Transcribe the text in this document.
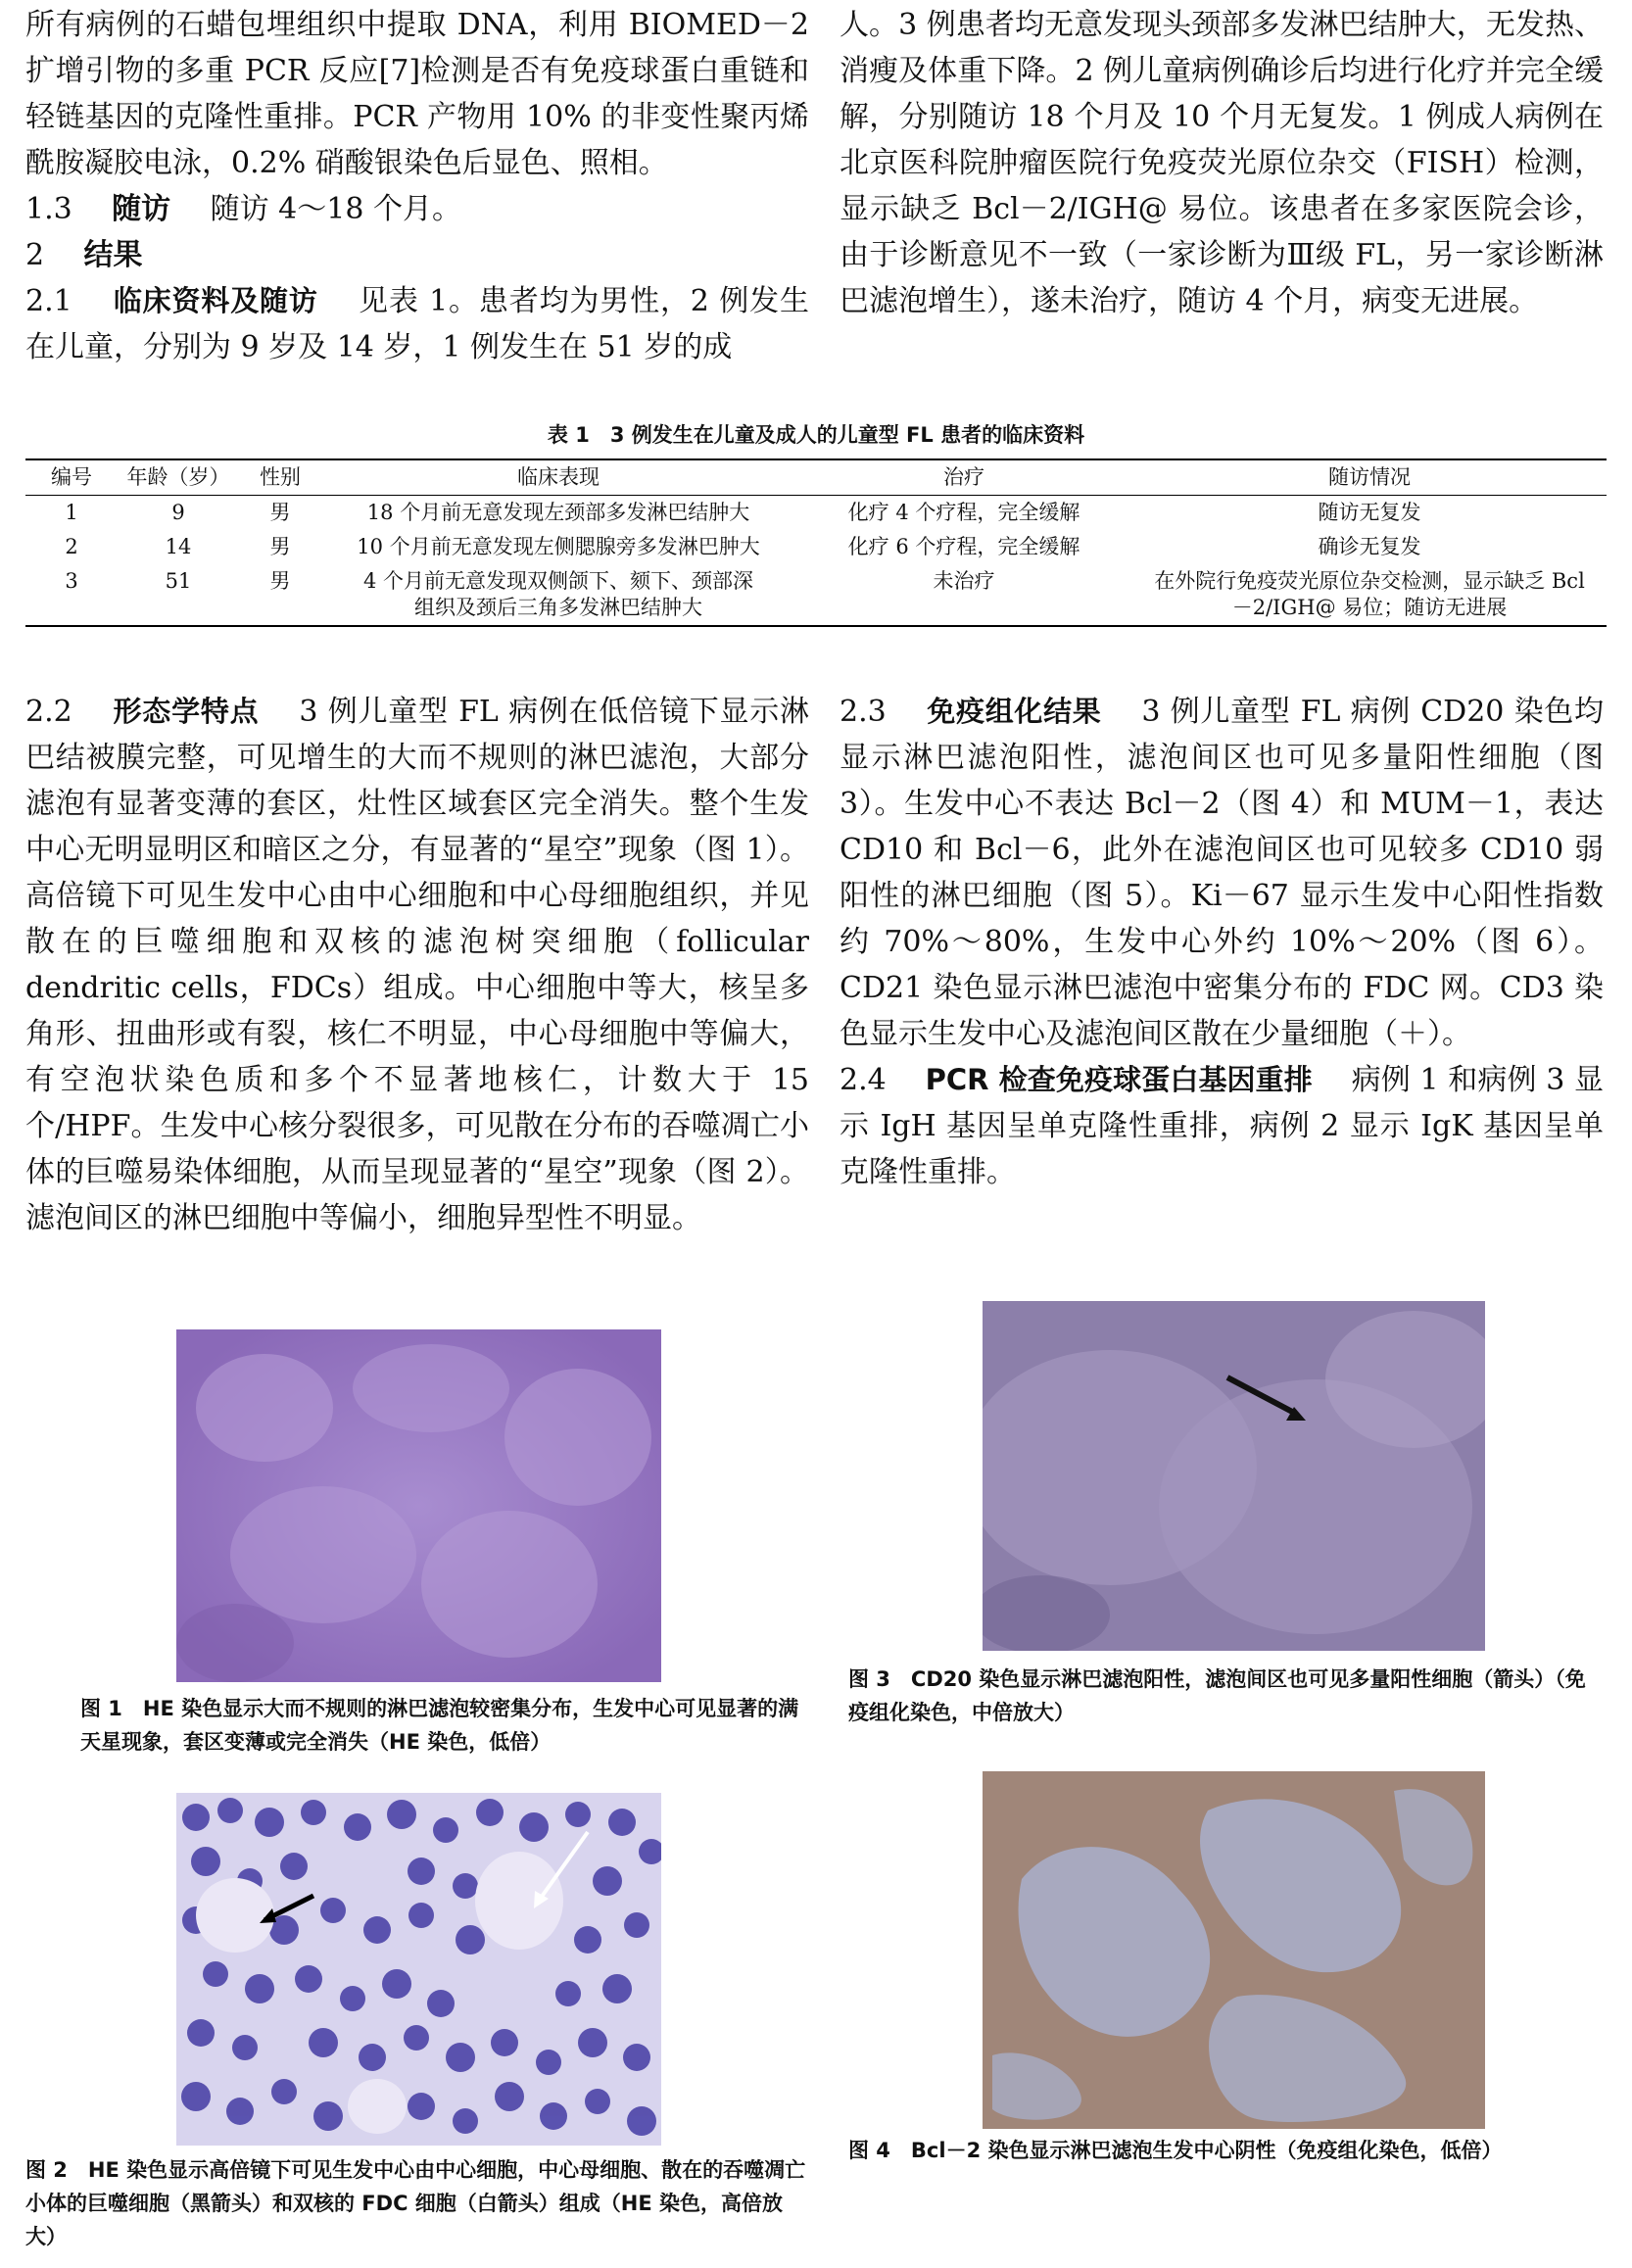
所有病例的石蜡包埋组织中提取 DNA，利用 BIOMED－2 扩增引物的多重 PCR 反应[7]检测是否有免疫球蛋白重链和轻链基因的克隆性重排。PCR 产物用 10% 的非变性聚丙烯酰胺凝胶电泳，0.2% 硝酸银染色后显色、照相。

1.3　 随访　 随访 4～18 个月。

2　 结果

2.1　 临床资料及随访　 见表 1。患者均为男性，2 例发生在儿童，分别为 9 岁及 14 岁，1 例发生在 51 岁的成

人。3 例患者均无意发现头颈部多发淋巴结肿大，无发热、消瘦及体重下降。2 例儿童病例确诊后均进行化疗并完全缓解，分别随访 18 个月及 10 个月无复发。1 例成人病例在北京医科院肿瘤医院行免疫荧光原位杂交（FISH）检测，显示缺乏 Bcl－2/IGH@ 易位。该患者在多家医院会诊，由于诊断意见不一致（一家诊断为Ⅲ级 FL，另一家诊断淋巴滤泡增生），遂未治疗，随访 4 个月，病变无进展。

表 1　3 例发生在儿童及成人的儿童型 FL 患者的临床资料
编号	年龄（岁）	性别	临床表现	治疗	随访情况
1	9	男	18 个月前无意发现左颈部多发淋巴结肿大	化疗 4 个疗程，完全缓解	随访无复发
2	14	男	10 个月前无意发现左侧腮腺旁多发淋巴肿大	化疗 6 个疗程，完全缓解	确诊无复发
3	51	男	4 个月前无意发现双侧颌下、颏下、颈部深组织及颈后三角多发淋巴结肿大	未治疗	在外院行免疫荧光原位杂交检测，显示缺乏 Bcl－2/IGH@ 易位；随访无进展

2.2　 形态学特点　 3 例儿童型 FL 病例在低倍镜下显示淋巴结被膜完整，可见增生的大而不规则的淋巴滤泡，大部分滤泡有显著变薄的套区，灶性区域套区完全消失。整个生发中心无明显明区和暗区之分，有显著的“星空”现象（图 1）。高倍镜下可见生发中心由中心细胞和中心母细胞组织，并见散在的巨噬细胞和双核的滤泡树突细胞（follicular dendritic cells，FDCs）组成。中心细胞中等大，核呈多角形、扭曲形或有裂，核仁不明显，中心母细胞中等偏大，有空泡状染色质和多个不显著地核仁，计数大于 15 个/HPF。生发中心核分裂很多，可见散在分布的吞噬凋亡小体的巨噬易染体细胞，从而呈现显著的“星空”现象（图 2）。滤泡间区的淋巴细胞中等偏小，细胞异型性不明显。

2.3　 免疫组化结果　 3 例儿童型 FL 病例 CD20 染色均显示淋巴滤泡阳性，滤泡间区也可见多量阳性细胞（图 3）。生发中心不表达 Bcl－2（图 4）和 MUM－1，表达 CD10 和 Bcl－6，此外在滤泡间区也可见较多 CD10 弱阳性的淋巴细胞（图 5）。Ki－67 显示生发中心阳性指数约 70%～80%，生发中心外约 10%～20%（图 6）。CD21 染色显示淋巴滤泡中密集分布的 FDC 网。CD3 染色显示生发中心及滤泡间区散在少量细胞（＋）。

2.4　 PCR 检查免疫球蛋白基因重排　 病例 1 和病例 3 显示 IgH 基因呈单克隆性重排，病例 2 显示 IgK 基因呈单克隆性重排。

图 1　HE 染色显示大而不规则的淋巴滤泡较密集分布，生发中心可见显著的满天星现象，套区变薄或完全消失（HE 染色，低倍）
图 2　HE 染色显示高倍镜下可见生发中心由中心细胞，中心母细胞、散在的吞噬凋亡小体的巨噬细胞（黑箭头）和双核的 FDC 细胞（白箭头）组成（HE 染色，高倍放大）
图 3　CD20 染色显示淋巴滤泡阳性，滤泡间区也可见多量阳性细胞（箭头）（免疫组化染色，中倍放大）
图 4　Bcl－2 染色显示淋巴滤泡生发中心阴性（免疫组化染色，低倍）
